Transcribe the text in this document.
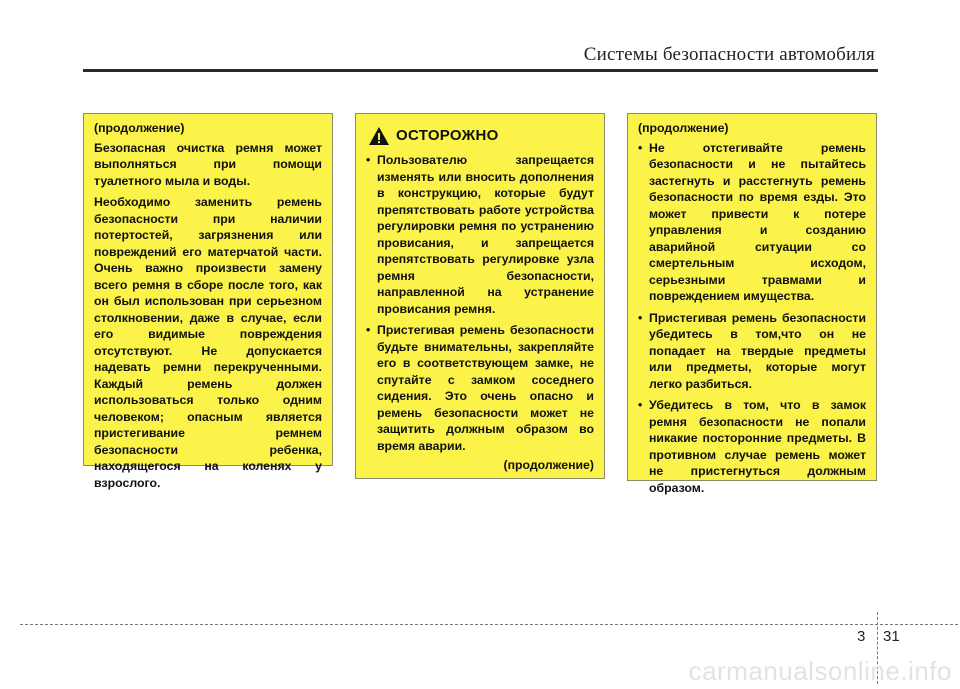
Системы безопасности автомобиля

(продолжение)

Безопасная очистка ремня может выполняться при помощи туалетного мыла и воды.

Необходимо заменить ремень безопасности при наличии потертостей, загрязнения или повреждений его матерчатой части. Очень важно произвести замену всего ремня в сборе после того, как он был использован при серьезном столкновении, даже в случае, если его видимые повреждения отсутствуют. Не допускается надевать ремни перекрученными. Каждый ремень должен использоваться только одним человеком; опасным является пристегивание ремнем безопасности ребенка, находящегося на коленях у взрослого.

ОСТОРОЖНО
• Пользователю запрещается изменять или вносить дополнения в конструкцию, которые будут препятствовать работе устройства регулировки ремня по устранению провисания, и запрещается препятствовать регулировке узла ремня безопасности, направленной на устранение провисания ремня.
• Пристегивая ремень безопасности будьте внимательны, закрепляйте его в соответствующем замке, не спутайте с замком соседнего сидения. Это очень опасно и ремень безопасности может не защитить должным образом во время аварии.
(продолжение)

(продолжение)

• Не отстегивайте ремень безопасности и не пытайтесь застегнуть и расстегнуть ремень безопасности по время езды. Это может привести к потере управления и созданию аварийной ситуации со смертельным исходом, серьезными травмами и повреждением имущества.
• Пристегивая ремень безопасности убедитесь в том,что он не попадает на твердые предметы или предметы, которые могут легко разбиться.
• Убедитесь в том, что в замок ремня безопасности не попали никакие посторонние предметы. В противном случае ремень может не пристегнуться должным образом.
3 31
carmanualsonline.info
